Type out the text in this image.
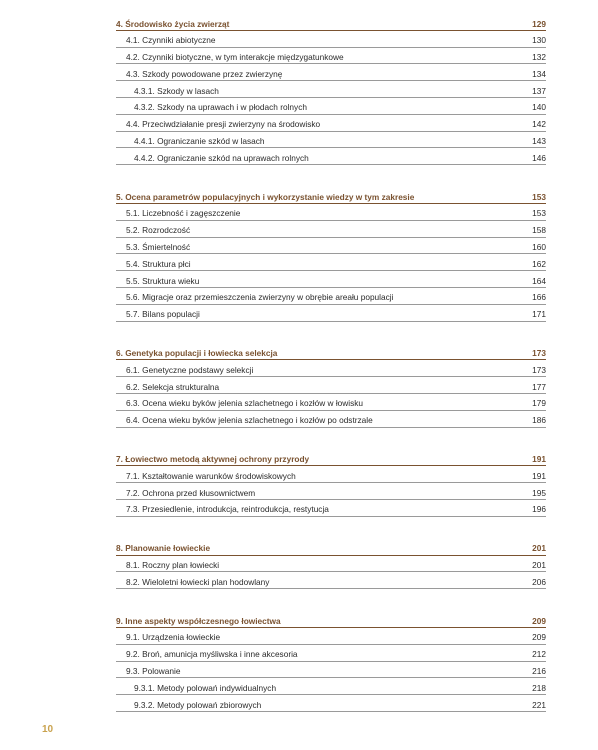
4. Środowisko życia zwierząt	129
4.1. Czynniki abiotyczne	130
4.2. Czynniki biotyczne, w tym interakcje międzygatunkowe	132
4.3. Szkody powodowane przez zwierzynę	134
4.3.1. Szkody w lasach	137
4.3.2. Szkody na uprawach i w płodach rolnych	140
4.4. Przeciwdziałanie presji zwierzyny na środowisko	142
4.4.1. Ograniczanie szkód w lasach	143
4.4.2. Ograniczanie szkód na uprawach rolnych	146
5. Ocena parametrów populacyjnych i wykorzystanie wiedzy w tym zakresie	153
5.1. Liczebność i zagęszczenie	153
5.2. Rozrodczość	158
5.3. Śmiertelność	160
5.4. Struktura płci	162
5.5. Struktura wieku	164
5.6. Migracje oraz przemieszczenia zwierzyny w obrębie areału populacji	166
5.7. Bilans populacji	171
6. Genetyka populacji i łowiecka selekcja	173
6.1. Genetyczne podstawy selekcji	173
6.2. Selekcja strukturalna	177
6.3. Ocena wieku byków jelenia szlachetnego i kozłów w łowisku	179
6.4. Ocena wieku byków jelenia szlachetnego i kozłów po odstrzale	186
7. Łowiectwo metodą aktywnej ochrony przyrody	191
7.1. Kształtowanie warunków środowiskowych	191
7.2. Ochrona przed kłusownictwem	195
7.3. Przesiedlenie, introdukcja, reintrodukcja, restytucja	196
8. Planowanie łowieckie	201
8.1. Roczny plan łowiecki	201
8.2. Wieloletni łowiecki plan hodowlany	206
9. Inne aspekty współczesnego łowiectwa	209
9.1. Urządzenia łowieckie	209
9.2. Broń, amunicja myśliwska i inne akcesoria	212
9.3. Polowanie	216
9.3.1. Metody polowań indywidualnych	218
9.3.2. Metody polowań zbiorowych	221
10
